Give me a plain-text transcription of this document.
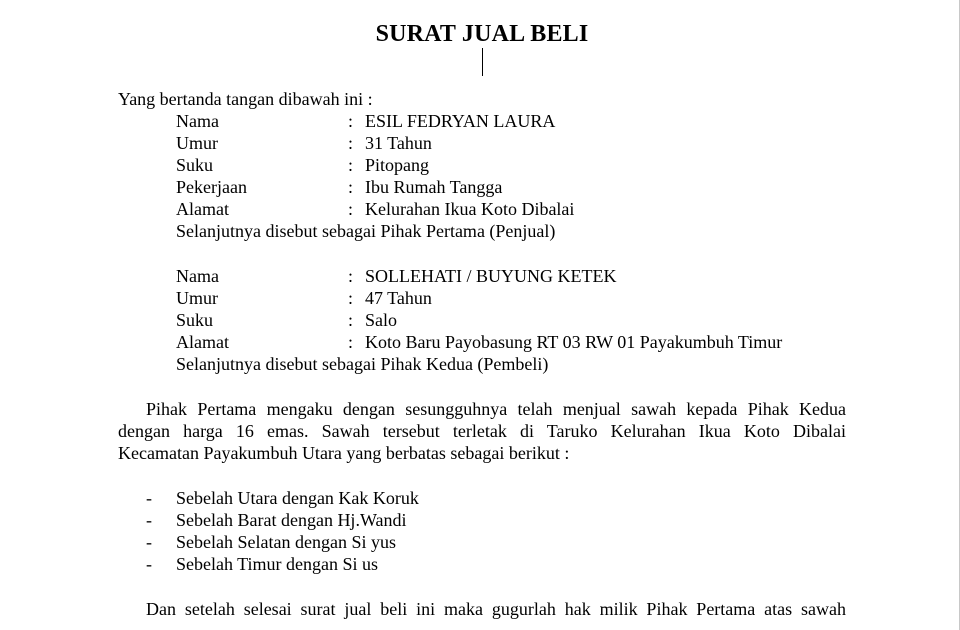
SURAT JUAL BELI
Yang bertanda tangan dibawah ini :
Nama	: ESIL FEDRYAN LAURA
Umur	: 31 Tahun
Suku	: Pitopang
Pekerjaan	: Ibu Rumah Tangga
Alamat	: Kelurahan Ikua Koto Dibalai
Selanjutnya disebut sebagai Pihak Pertama (Penjual)
Nama	: SOLLEHATI / BUYUNG KETEK
Umur	: 47 Tahun
Suku	: Salo
Alamat	: Koto Baru Payobasung RT 03 RW 01 Payakumbuh Timur
Selanjutnya disebut sebagai Pihak Kedua (Pembeli)
Pihak Pertama mengaku dengan sesungguhnya telah menjual sawah kepada Pihak Kedua
dengan harga 16 emas. Sawah tersebut terletak di Taruko Kelurahan Ikua Koto Dibalai
Kecamatan Payakumbuh Utara yang berbatas sebagai berikut :
- Sebelah Utara dengan Kak Koruk
- Sebelah Barat dengan Hj.Wandi
- Sebelah Selatan dengan Si yus
- Sebelah Timur dengan Si us
Dan setelah selesai surat jual beli ini maka gugurlah hak milik Pihak Pertama atas sawah
